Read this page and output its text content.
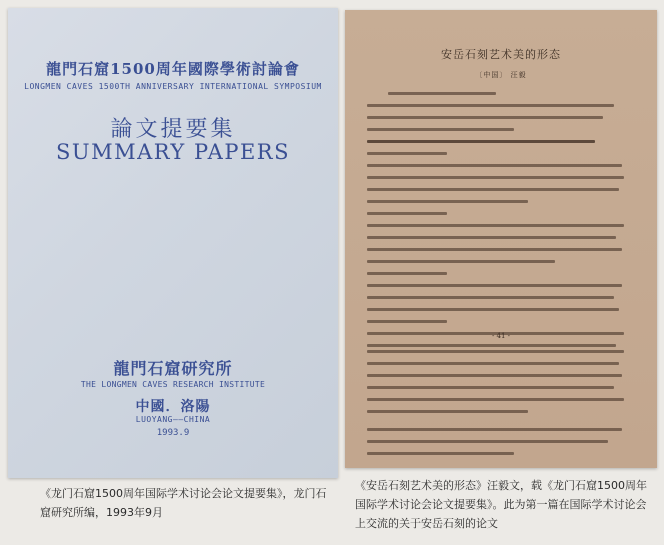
龍門石窟1500周年國際學術討論會
LONGMEN CAVES 1500TH ANNIVERSARY INTERNATIONAL SYMPOSIUM
論文提要集
SUMMARY PAPERS
龍門石窟研究所
THE LONGMEN CAVES RESEARCH INSTITUTE
中國．洛陽
LUOYANG——CHINA
1993.9
安岳石刻艺术美的形态
〔中国〕 汪毅
- 41 -
《龙门石窟1500周年国际学术讨论会论文提要集》，龙门石窟研究所编，1993年9月
《安岳石刻艺术美的形态》汪毅文，载《龙门石窟1500周年国际学术讨论会论文提要集》。此为第一篇在国际学术讨论会上交流的关于安岳石刻的论文
